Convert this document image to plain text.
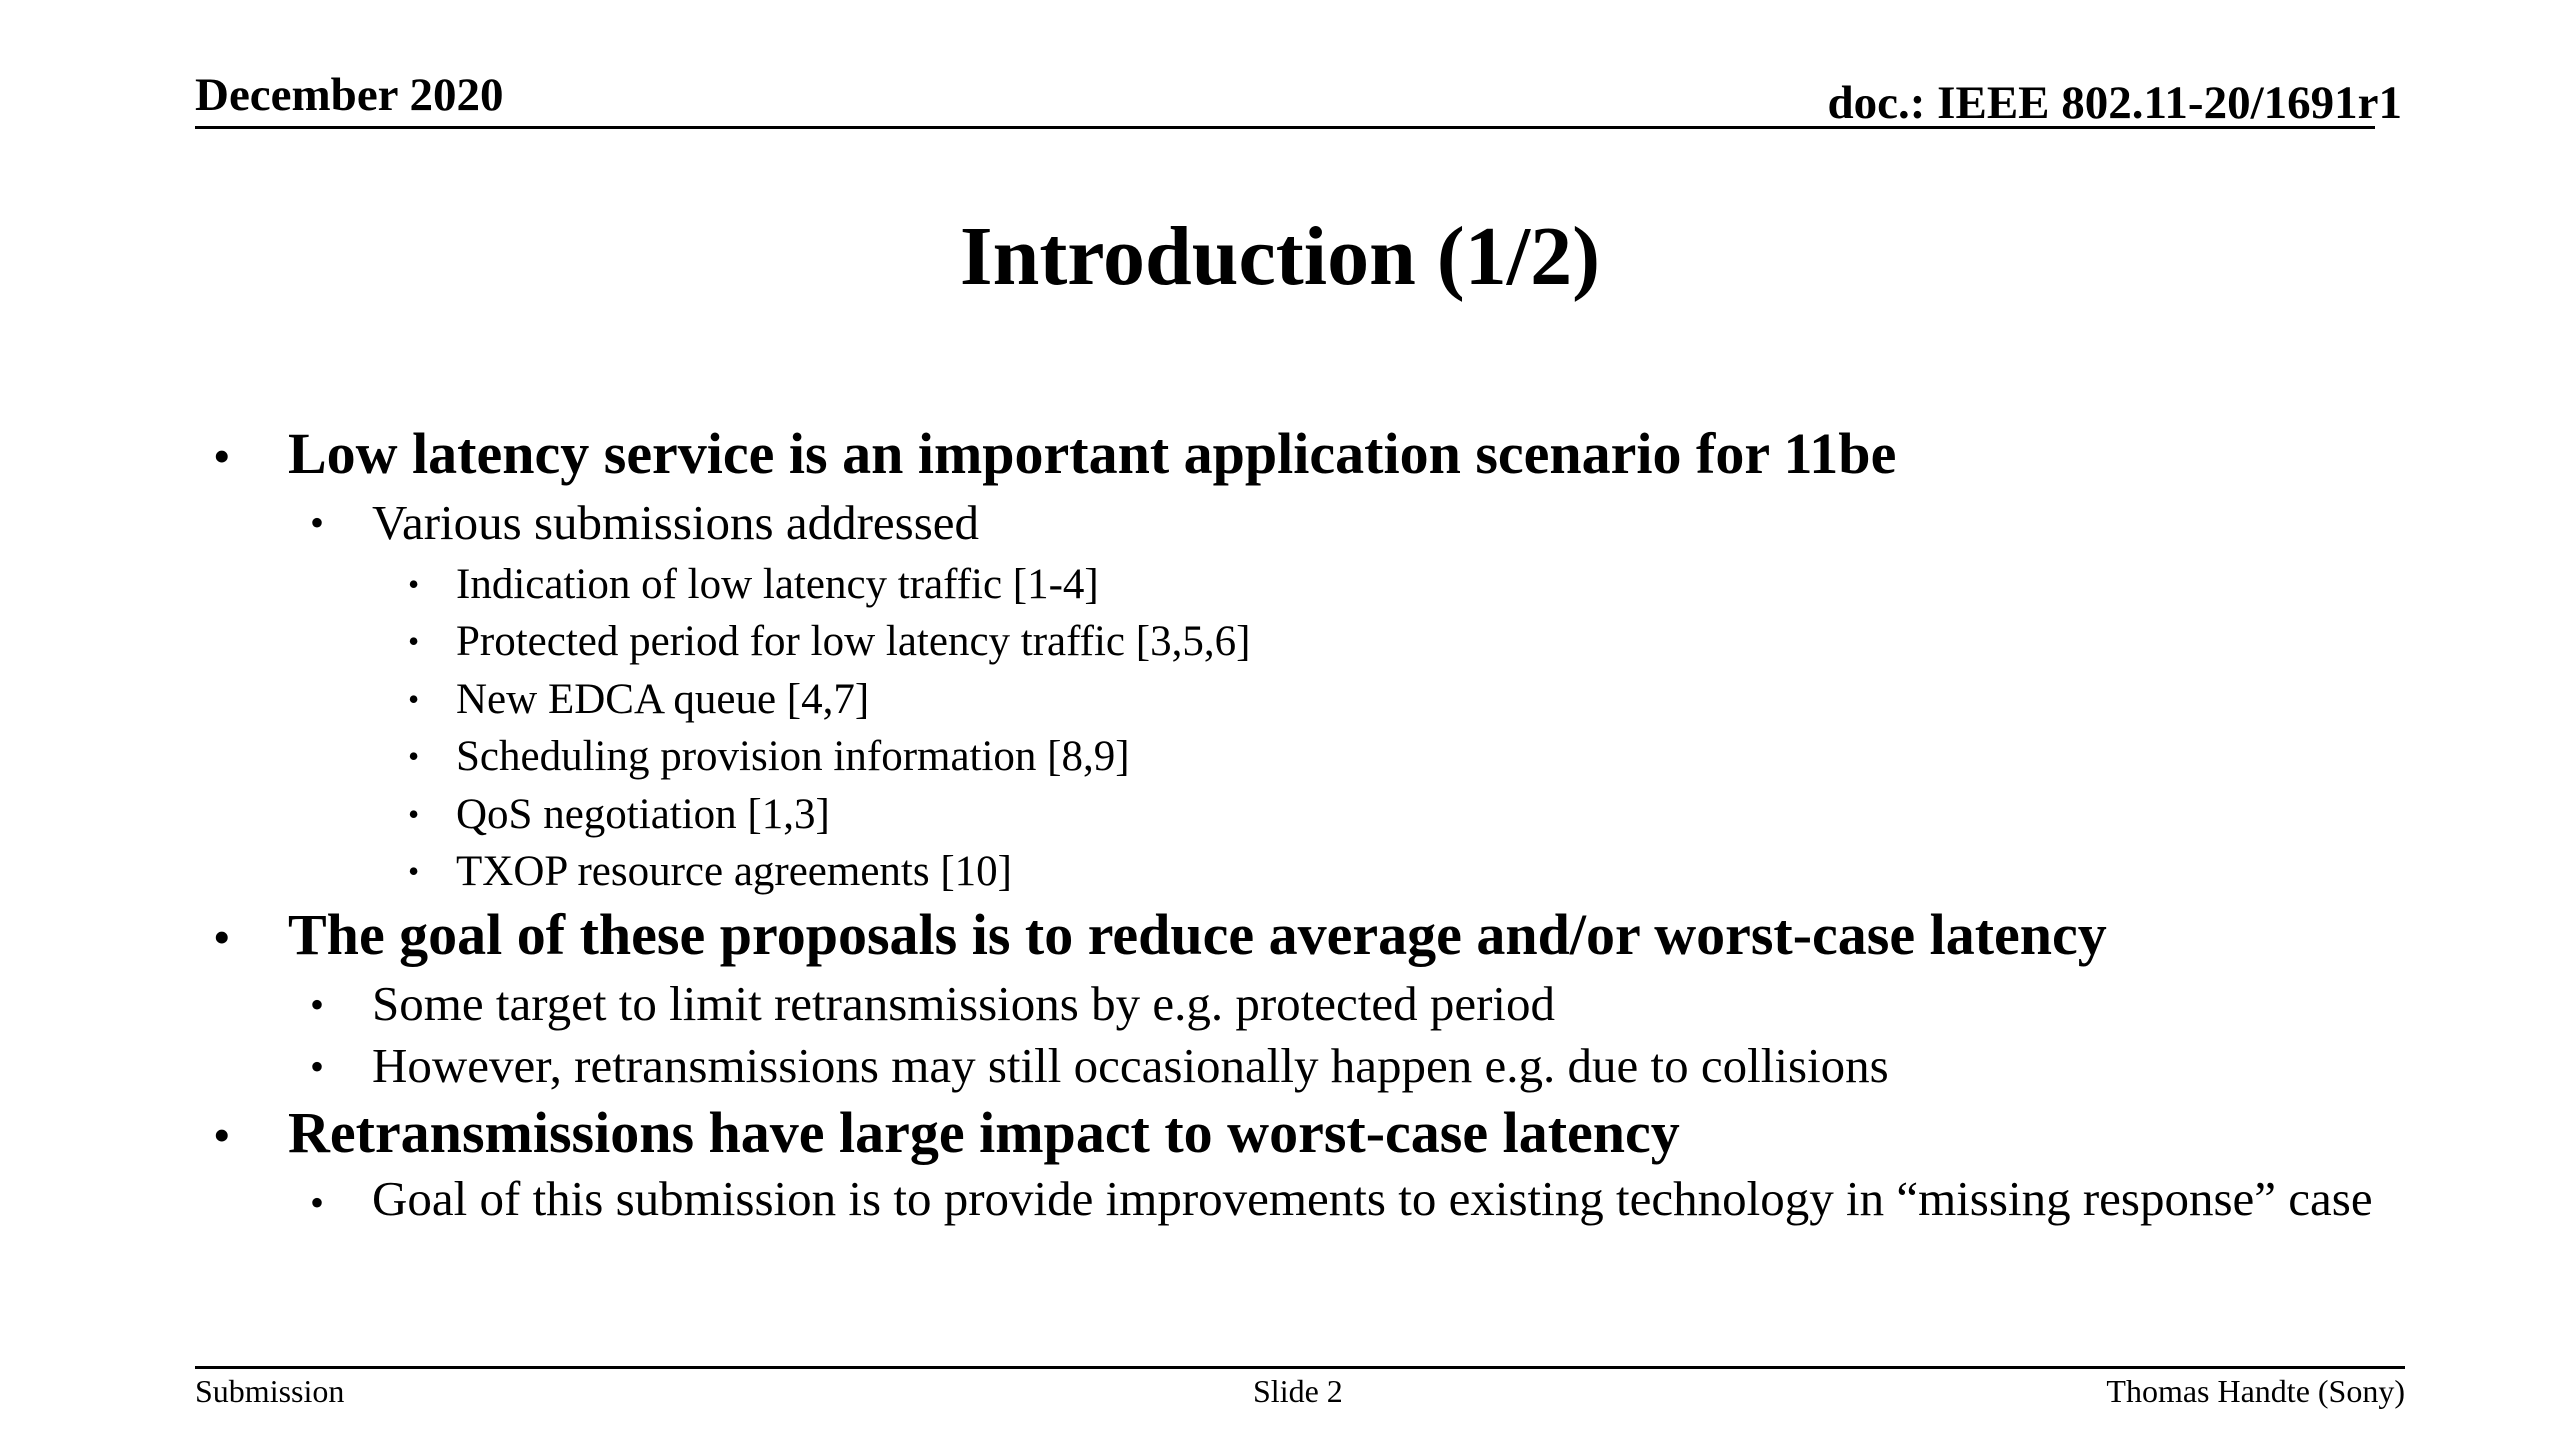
December 2020	doc.: IEEE 802.11-20/1691r1
Introduction (1/2)
• Low latency service is an important application scenario for 11be
• Various submissions addressed
• Indication of low latency traffic [1-4]
• Protected period for low latency traffic [3,5,6]
• New EDCA queue [4,7]
• Scheduling provision information [8,9]
• QoS negotiation [1,3]
• TXOP resource agreements [10]
• The goal of these proposals is to reduce average and/or worst-case latency
• Some target to limit retransmissions by e.g. protected period
• However, retransmissions may still occasionally happen e.g. due to collisions
• Retransmissions have large impact to worst-case latency
• Goal of this submission is to provide improvements to existing technology in “missing response” case
Submission	Slide 2	Thomas Handte (Sony)
